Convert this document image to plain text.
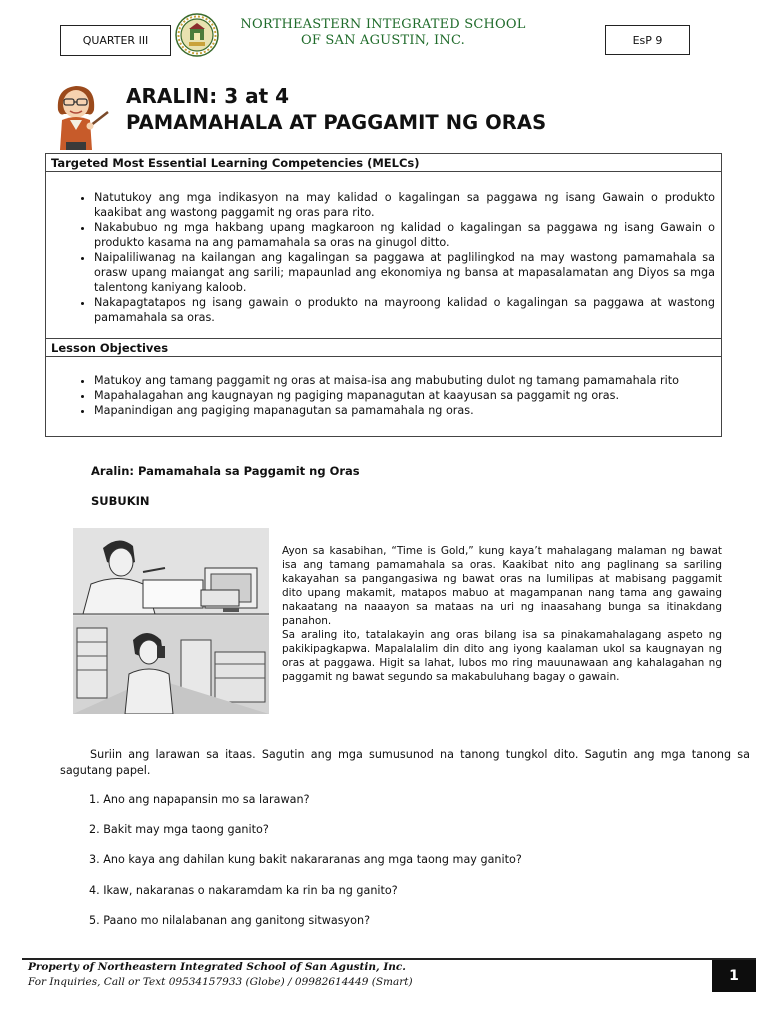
QUARTER III
NORTHEASTERN INTEGRATED SCHOOL
OF SAN AGUSTIN, INC.	EsP 9
ARALIN: 3 at 4
PAMAMAHALA AT PAGGAMIT NG ORAS
Targeted Most Essential Learning Competencies (MELCs)

• Natutukoy ang mga indikasyon na may kalidad o kagalingan sa paggawa ng isang Gawain o produkto kaakibat ang wastong paggamit ng oras para rito.
• Nakabubuo ng mga hakbang upang magkaroon ng kalidad o kagalingan sa paggawa ng isang Gawain o produkto kasama na ang pamamahala sa oras na ginugol ditto.
• Naipaliliwanag na kailangan ang kagalingan sa paggawa at paglilingkod na may wastong pamamahala sa orasw upang maiangat ang sarili; mapaunlad ang ekonomiya ng bansa at mapasalamatan ang Diyos sa mga talentong kaniyang kaloob.
• Nakapagtatapos ng isang gawain o produkto na mayroong kalidad o kagalingan sa paggawa at wastong pamamahala sa oras.

Lesson Objectives

• Matukoy ang tamang paggamit ng oras at maisa-isa ang mabubuting dulot ng tamang pamamahala rito
• Mapahalagahan ang kaugnayan ng pagiging mapanagutan at kaayusan sa paggamit ng oras.
• Mapanindigan ang pagiging mapanagutan sa pamamahala ng oras.
Aralin: Pamamahala sa Paggamit ng Oras
SUBUKIN
Ayon sa kasabihan, “Time is Gold,” kung kaya’t mahalagang malaman ng bawat isa ang tamang pamamahala sa oras. Kaakibat nito ang paglinang sa sariling kakayahan sa pangangasiwa ng bawat oras na lumilipas at mabisang paggamit dito upang makamit, matapos mabuo at magampanan nang tama ang gawaing nakaatang na naaayon sa mataas na uri ng inaasahang bunga sa itinakdang panahon.
Sa araling ito, tatalakayin ang oras bilang isa sa pinakamahalagang aspeto ng pakikipagkapwa. Mapalalalim din dito ang iyong kaalaman ukol sa kaugnayan ng oras at paggawa. Higit sa lahat, lubos mo ring mauunawaan ang kahalagahan ng paggamit ng bawat segundo sa makabuluhang bagay o gawain.
Suriin ang larawan sa itaas. Sagutin ang mga sumusunod na tanong tungkol dito. Sagutin ang mga tanong sa sagutang papel.
1. Ano ang napapansin mo sa larawan?
2. Bakit may mga taong ganito?
3. Ano kaya ang dahilan kung bakit nakararanas ang mga taong may ganito?
4. Ikaw, nakaranas o nakaramdam ka rin ba ng ganito?
5. Paano mo nilalabanan ang ganitong sitwasyon?
Property of Northeastern Integrated School of San Agustin, Inc.
For Inquiries, Call or Text 09534157933 (Globe) / 09982614449 (Smart)	1
